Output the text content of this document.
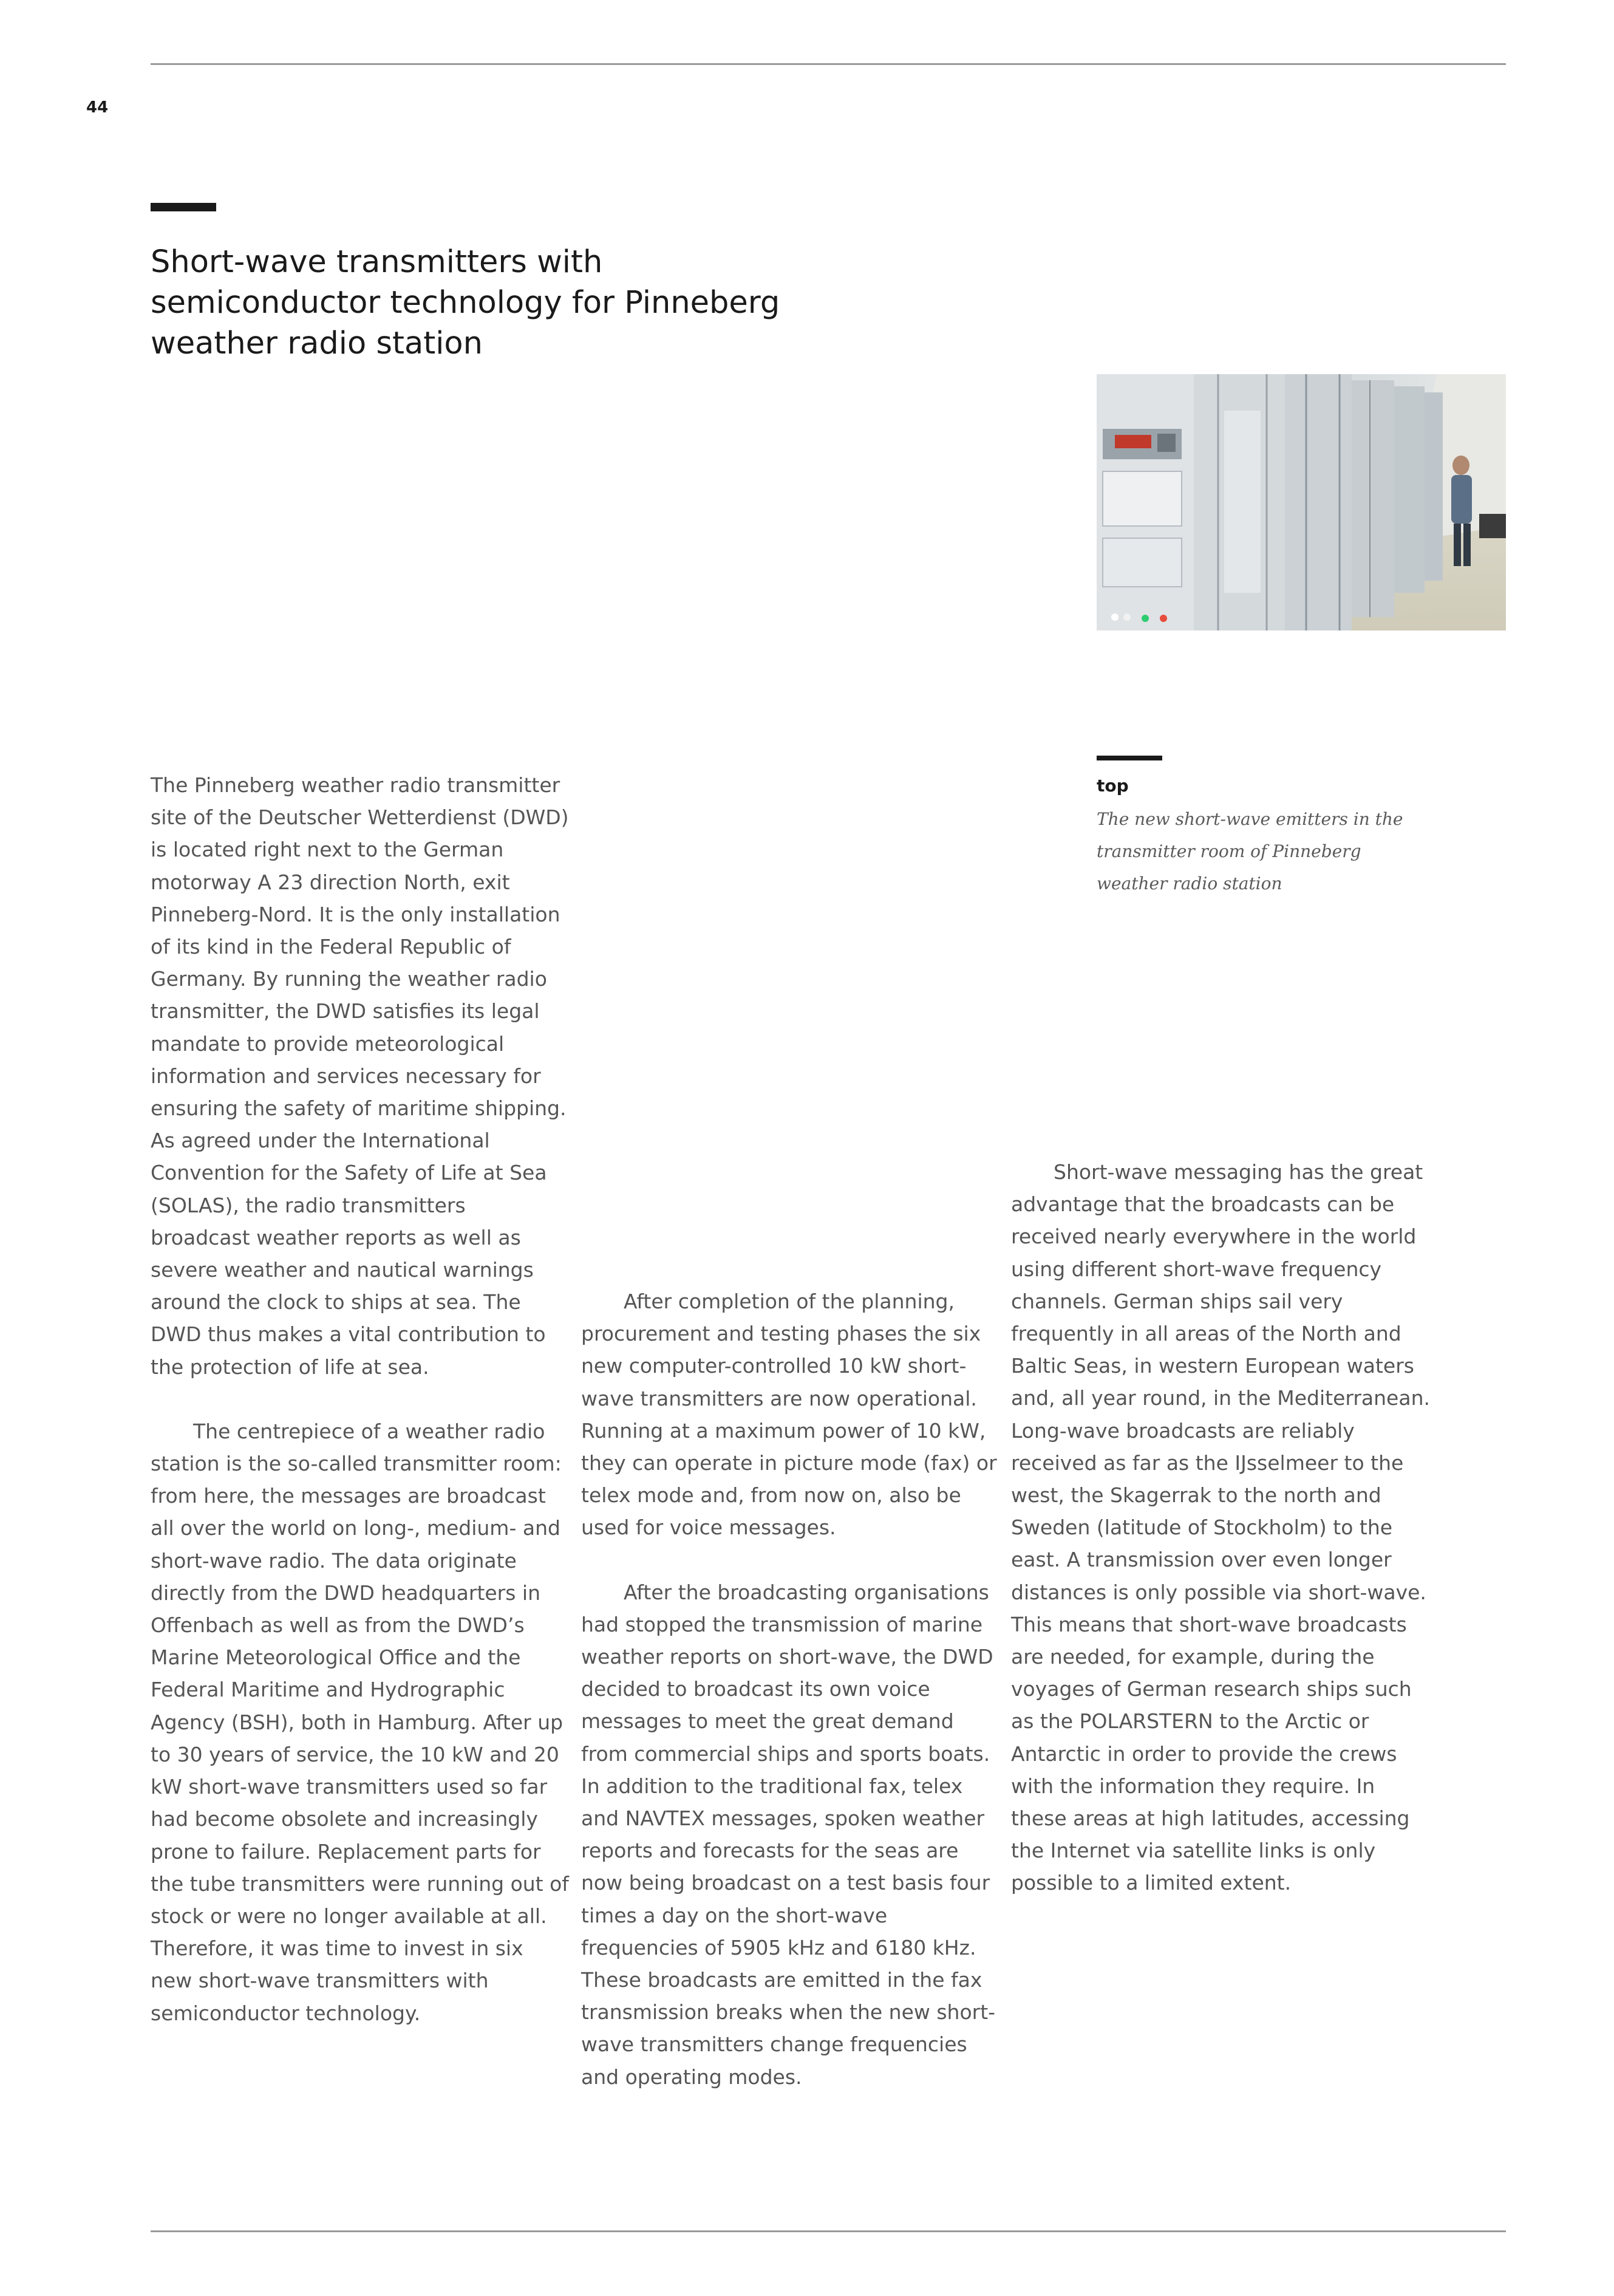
44
Short-wave transmitters with semiconductor technology for Pinneberg weather radio station
top
The new short-wave emitters in the transmitter room of Pinneberg weather radio station

The Pinneberg weather radio transmitter site of the Deutscher Wetterdienst (DWD) is located right next to the German motorway A 23 direction North, exit Pinneberg-Nord. It is the only installation of its kind in the Federal Republic of Germany. By running the weather radio transmitter, the DWD satisfies its legal mandate to provide meteorological information and services necessary for ensuring the safety of maritime shipping. As agreed under the International Convention for the Safety of Life at Sea (SOLAS), the radio transmitters broadcast weather reports as well as severe weather and nautical warnings around the clock to ships at sea. The DWD thus makes a vital contribution to the protection of life at sea.

The centrepiece of a weather radio station is the so-called transmitter room: from here, the messages are broadcast all over the world on long-, medium- and short-wave radio. The data originate directly from the DWD headquarters in Offenbach as well as from the DWD’s Marine Meteorological Office and the Federal Maritime and Hydrographic Agency (BSH), both in Hamburg. After up to 30 years of service, the 10 kW and 20 kW short-wave transmitters used so far had become obsolete and increasingly prone to failure. Replacement parts for the tube transmitters were running out of stock or were no longer available at all. Therefore, it was time to invest in six new short-wave transmitters with semiconductor technology.

After completion of the planning, procurement and testing phases the six new computer-controlled 10 kW short-wave transmitters are now operational. Running at a maximum power of 10 kW, they can operate in picture mode (fax) or telex mode and, from now on, also be used for voice messages.

After the broadcasting organisations had stopped the transmission of marine weather reports on short-wave, the DWD decided to broadcast its own voice messages to meet the great demand from commercial ships and sports boats. In addition to the traditional fax, telex and NAVTEX messages, spoken weather reports and forecasts for the seas are now being broadcast on a test basis four times a day on the short-wave frequencies of 5905 kHz and 6180 kHz. These broadcasts are emitted in the fax transmission breaks when the new short-wave transmitters change frequencies and operating modes.

Short-wave messaging has the great advantage that the broadcasts can be received nearly everywhere in the world using different short-wave frequency channels. German ships sail very frequently in all areas of the North and Baltic Seas, in western European waters and, all year round, in the Mediterranean. Long-wave broadcasts are reliably received as far as the IJsselmeer to the west, the Skagerrak to the north and Sweden (latitude of Stockholm) to the east. A transmission over even longer distances is only possible via short-wave. This means that short-wave broadcasts are needed, for example, during the voyages of German research ships such as the POLARSTERN to the Arctic or Antarctic in order to provide the crews with the information they require. In these areas at high latitudes, accessing the Internet via satellite links is only possible to a limited extent.
